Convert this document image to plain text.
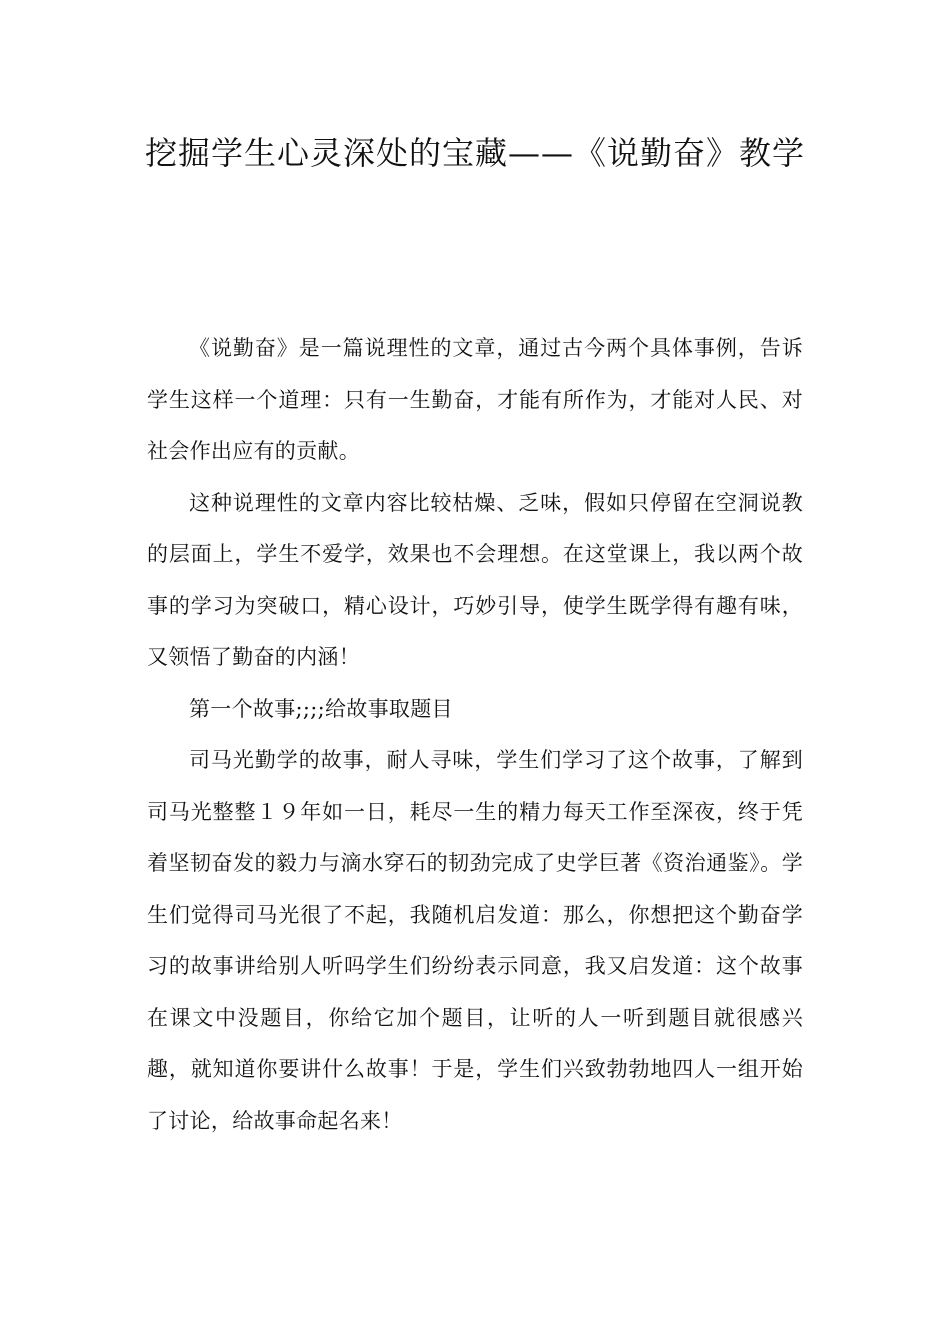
挖掘学生心灵深处的宝藏——《说勤奋》教学

《说勤奋》是一篇说理性的文章，通过古今两个具体事例，告诉学生这样一个道理：只有一生勤奋，才能有所作为，才能对人民、对社会作出应有的贡献。

这种说理性的文章内容比较枯燥、乏味，假如只停留在空洞说教的层面上，学生不爱学，效果也不会理想。在这堂课上，我以两个故事的学习为突破口，精心设计，巧妙引导，使学生既学得有趣有味，又领悟了勤奋的内涵！

第一个故事;;;;给故事取题目

司马光勤学的故事，耐人寻味，学生们学习了这个故事，了解到司马光整整１９年如一日，耗尽一生的精力每天工作至深夜，终于凭着坚韧奋发的毅力与滴水穿石的韧劲完成了史学巨著《资治通鉴》。学生们觉得司马光很了不起，我随机启发道：那么，你想把这个勤奋学习的故事讲给别人听吗学生们纷纷表示同意，我又启发道：这个故事在课文中没题目，你给它加个题目，让听的人一听到题目就很感兴趣，就知道你要讲什么故事！于是，学生们兴致勃勃地四人一组开始了讨论，给故事命起名来！
